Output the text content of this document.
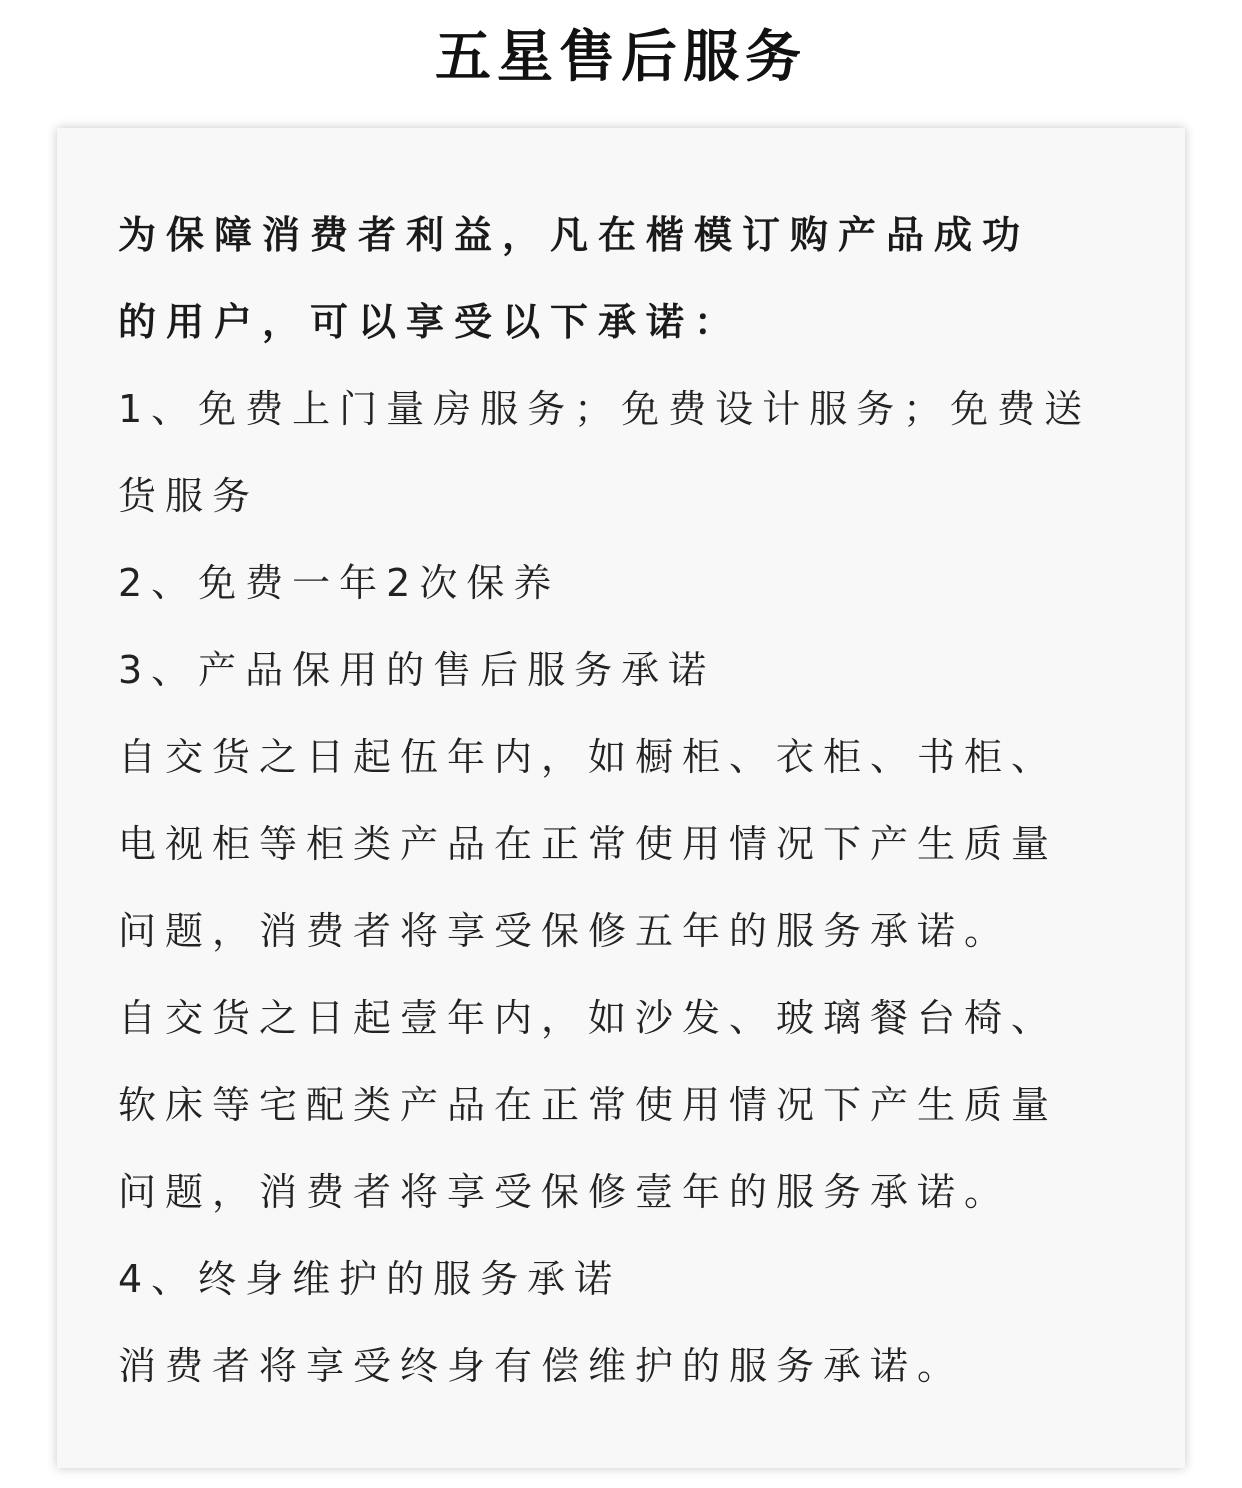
五星售后服务
为保障消费者利益，凡在楷模订购产品成功
的用户，可以享受以下承诺：
1、免费上门量房服务；免费设计服务；免费送
货服务
2、免费一年2次保养
3、产品保用的售后服务承诺
自交货之日起伍年内，如橱柜、衣柜、书柜、
电视柜等柜类产品在正常使用情况下产生质量
问题，消费者将享受保修五年的服务承诺。
自交货之日起壹年内，如沙发、玻璃餐台椅、
软床等宅配类产品在正常使用情况下产生质量
问题，消费者将享受保修壹年的服务承诺。
4、终身维护的服务承诺
消费者将享受终身有偿维护的服务承诺。
